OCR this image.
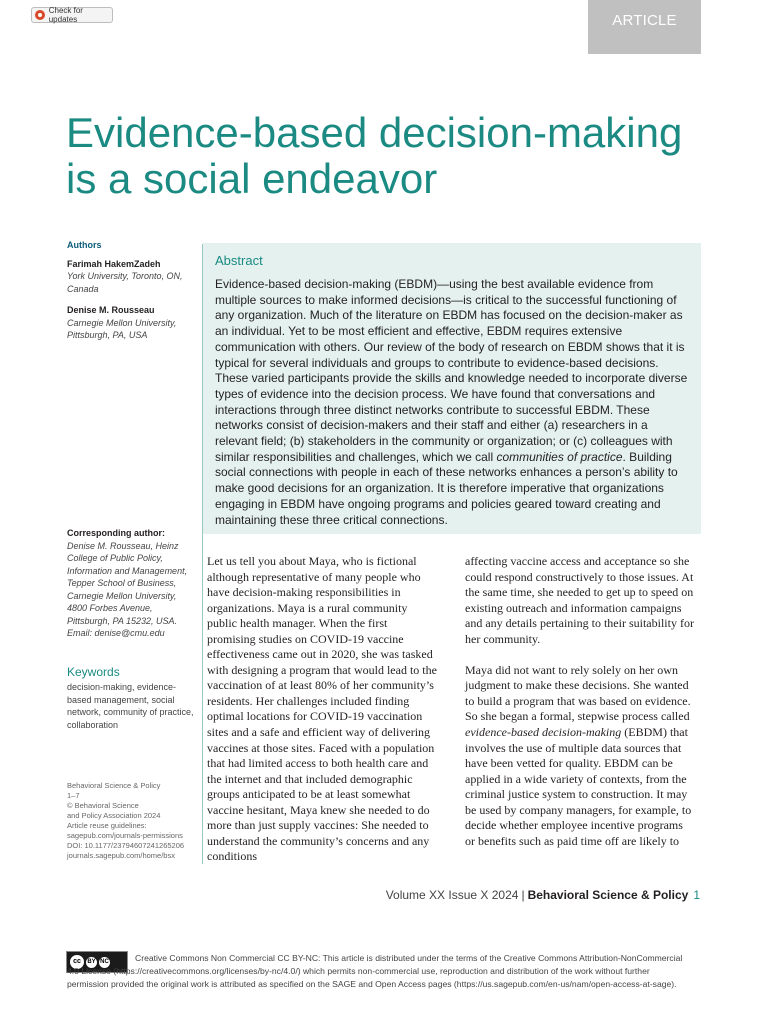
Check for updates	ARTICLE
Evidence-based decision-making
is a social endeavor
Authors
Farimah HakemZadeh
York University, Toronto, ON, Canada
Denise M. Rousseau
Carnegie Mellon University, Pittsburgh, PA, USA
Corresponding author:
Denise M. Rousseau, Heinz College of Public Policy, Information and Management, Tepper School of Business, Carnegie Mellon University, 4800 Forbes Avenue, Pittsburgh, PA 15232, USA. Email: denise@cmu.edu
Keywords
decision-making, evidence-based management, social network, community of practice, collaboration
Behavioral Science & Policy
1–7
© Behavioral Science
and Policy Association 2024
Article reuse guidelines:
sagepub.com/journals-permissions
DOI: 10.1177/23794607241265206
journals.sagepub.com/home/bsx
Abstract
Evidence-based decision-making (EBDM)—using the best available evidence from multiple sources to make informed decisions—is critical to the successful functioning of any organization. Much of the literature on EBDM has focused on the decision-maker as an individual. Yet to be most efficient and effective, EBDM requires extensive communication with others. Our review of the body of research on EBDM shows that it is typical for several individuals and groups to contribute to evidence-based decisions. These varied participants provide the skills and knowledge needed to incorporate diverse types of evidence into the decision process. We have found that conversations and interactions through three distinct networks contribute to successful EBDM. These networks consist of decision-makers and their staff and either (a) researchers in a relevant field; (b) stakeholders in the community or organization; or (c) colleagues with similar responsibilities and challenges, which we call communities of practice. Building social connections with people in each of these networks enhances a person’s ability to make good decisions for an organization. It is therefore imperative that organizations engaging in EBDM have ongoing programs and policies geared toward creating and maintaining these three critical connections.
Let us tell you about Maya, who is fictional although representative of many people who have decision-making responsibilities in organizations. Maya is a rural community public health manager. When the first promising studies on COVID-19 vaccine effectiveness came out in 2020, she was tasked with designing a program that would lead to the vaccination of at least 80% of her community’s residents. Her challenges included finding optimal locations for COVID-19 vaccination sites and a safe and efficient way of delivering vaccines at those sites. Faced with a population that had limited access to both health care and the internet and that included demographic groups anticipated to be at least somewhat vaccine hesitant, Maya knew she needed to do more than just supply vaccines: She needed to understand the community’s concerns and any conditions

affecting vaccine access and acceptance so she could respond constructively to those issues. At the same time, she needed to get up to speed on existing outreach and information campaigns and any details pertaining to their suitability for her community.

Maya did not want to rely solely on her own judgment to make these decisions. She wanted to build a program that was based on evidence. So she began a formal, stepwise process called evidence-based decision-making (EBDM) that involves the use of multiple data sources that have been vetted for quality. EBDM can be applied in a wide variety of contexts, from the criminal justice system to construction. It may be used by company managers, for example, to decide whether employee incentive programs or benefits such as paid time off are likely to

Volume XX Issue X 2024 | Behavioral Science & Policy 1
cc	BY NC	Creative Commons Non Commercial CC BY-NC: This article is distributed under the terms of the Creative Commons Attribution-NonCommercial 4.0 License (https://creativecommons.org/licenses/by-nc/4.0/) which permits non-commercial use, reproduction and distribution of the work without further permission provided the original work is attributed as specified on the SAGE and Open Access pages (https://us.sagepub.com/en-us/nam/open-access-at-sage).
